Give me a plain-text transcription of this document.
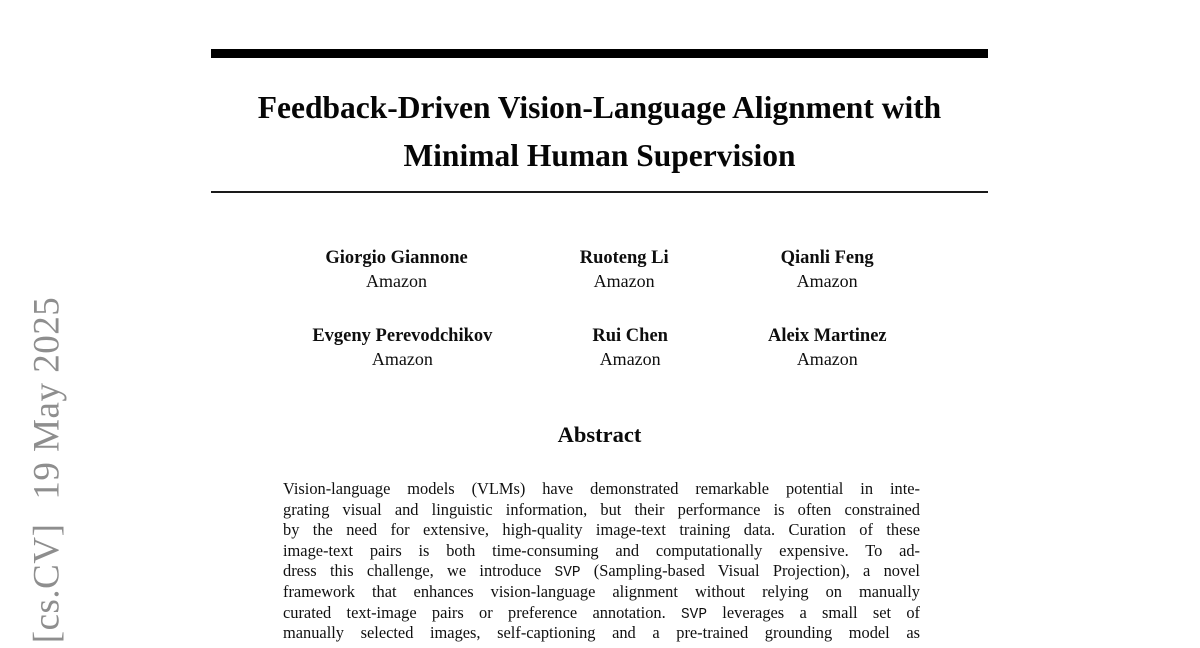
[cs.CV]19 May 2025
Feedback-Driven Vision-Language Alignment with
Minimal Human Supervision
Giorgio Giannone
Amazon
Ruoteng Li
Amazon
Qianli Feng
Amazon
Evgeny Perevodchikov
Amazon
Rui Chen
Amazon
Aleix Martinez
Amazon
Abstract
Vision-language models (VLMs) have demonstrated remarkable potential in inte-
grating visual and linguistic information, but their performance is often constrained
by the need for extensive, high-quality image-text training data. Curation of these
image-text pairs is both time-consuming and computationally expensive. To ad-
dress this challenge, we introduce SVP (Sampling-based Visual Projection), a novel
framework that enhances vision-language alignment without relying on manually
curated text-image pairs or preference annotation. SVP leverages a small set of
manually selected images, self-captioning and a pre-trained grounding model as
